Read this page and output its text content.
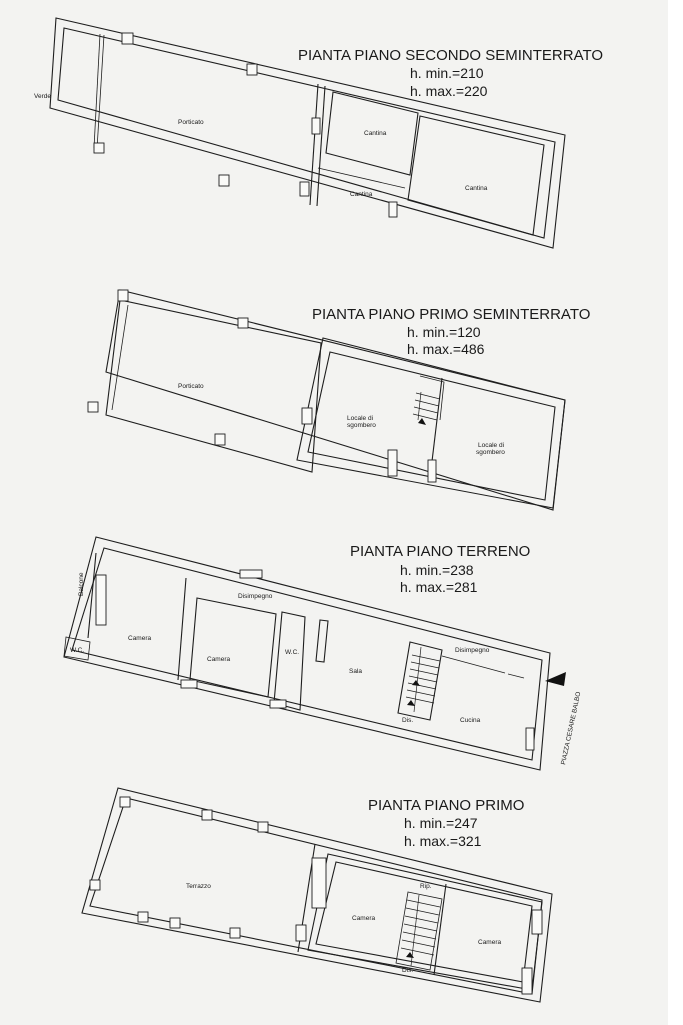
Verde
Porticato
Cantina
Cantina
Cantina
PIANTA PIANO SECONDO SEMINTERRATO
h. min.=210
h. max.=220
Porticato
Locale di sgombero
Locale di sgombero
PIANTA PIANO PRIMO SEMINTERRATO
h. min.=120
h. max.=486
Balcone
W.C.
Camera
Camera
Disimpegno
W.C.
Sala
Disimpegno
Dis.	Cucina	PIAZZA CESARE BALBO
PIANTA PIANO TERRENO
h. min.=238
h. max.=281
Terrazzo	Rip.
Camera
Camera
Dis.
PIANTA PIANO PRIMO
h. min.=247
h. max.=321
